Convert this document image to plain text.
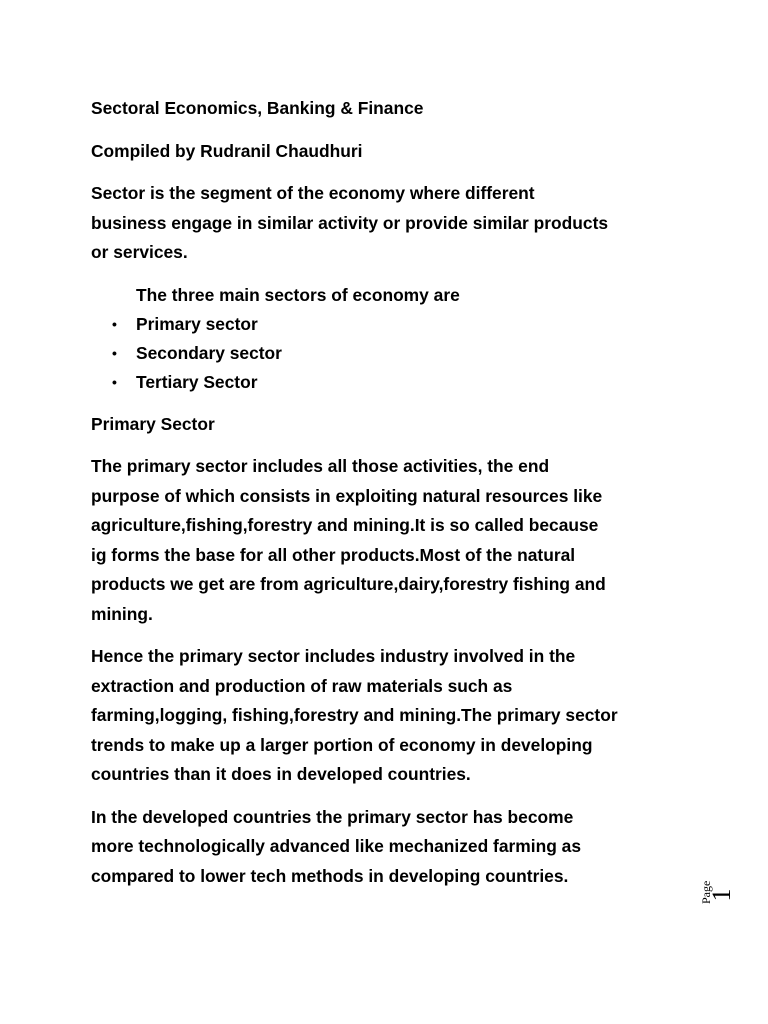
Sectoral Economics, Banking & Finance

Compiled by Rudranil Chaudhuri

Sector is the segment of the economy where different
business engage in similar activity or provide similar products
or services.

The three main sectors of economy are

• Primary sector
• Secondary sector
• Tertiary Sector

Primary Sector

The primary sector includes all those activities, the end
purpose of which consists in exploiting natural resources like
agriculture,fishing,forestry and mining.It is so called because
ig forms the base for all other products.Most of the natural
products we get are from agriculture,dairy,forestry fishing and
mining.

Hence the primary sector includes industry involved in the
extraction and production of raw materials such as
farming,logging, fishing,forestry and mining.The primary sector
trends to make up a larger portion of economy in developing
countries than it does in developed countries.

In the developed countries the primary sector has become
more technologically advanced like mechanized farming as
compared to lower tech methods in developing countries.

1
Page
